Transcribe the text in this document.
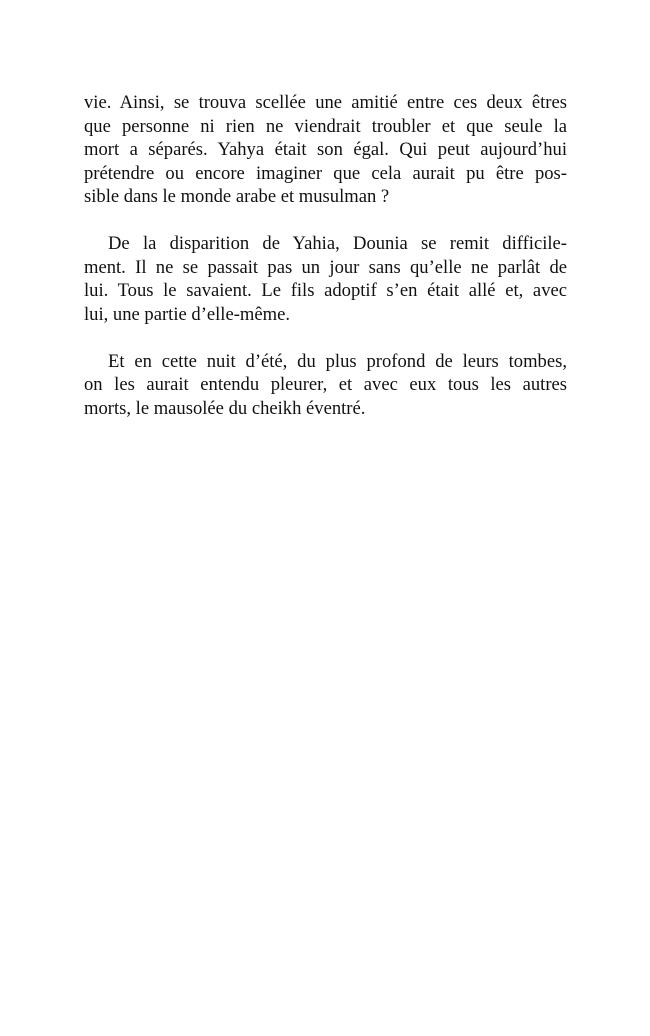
vie. Ainsi, se trouva scellée une amitié entre ces deux êtres
que personne ni rien ne viendrait troubler et que seule la
mort a séparés. Yahya était son égal. Qui peut aujourd’hui
prétendre ou encore imaginer que cela aurait pu être pos-
sible dans le monde arabe et musulman ?
De la disparition de Yahia, Dounia se remit difficile-
ment. Il ne se passait pas un jour sans qu’elle ne parlât de
lui. Tous le savaient. Le fils adoptif s’en était allé et, avec
lui, une partie d’elle-même.
Et en cette nuit d’été, du plus profond de leurs tombes,
on les aurait entendu pleurer, et avec eux tous les autres
morts, le mausolée du cheikh éventré.
